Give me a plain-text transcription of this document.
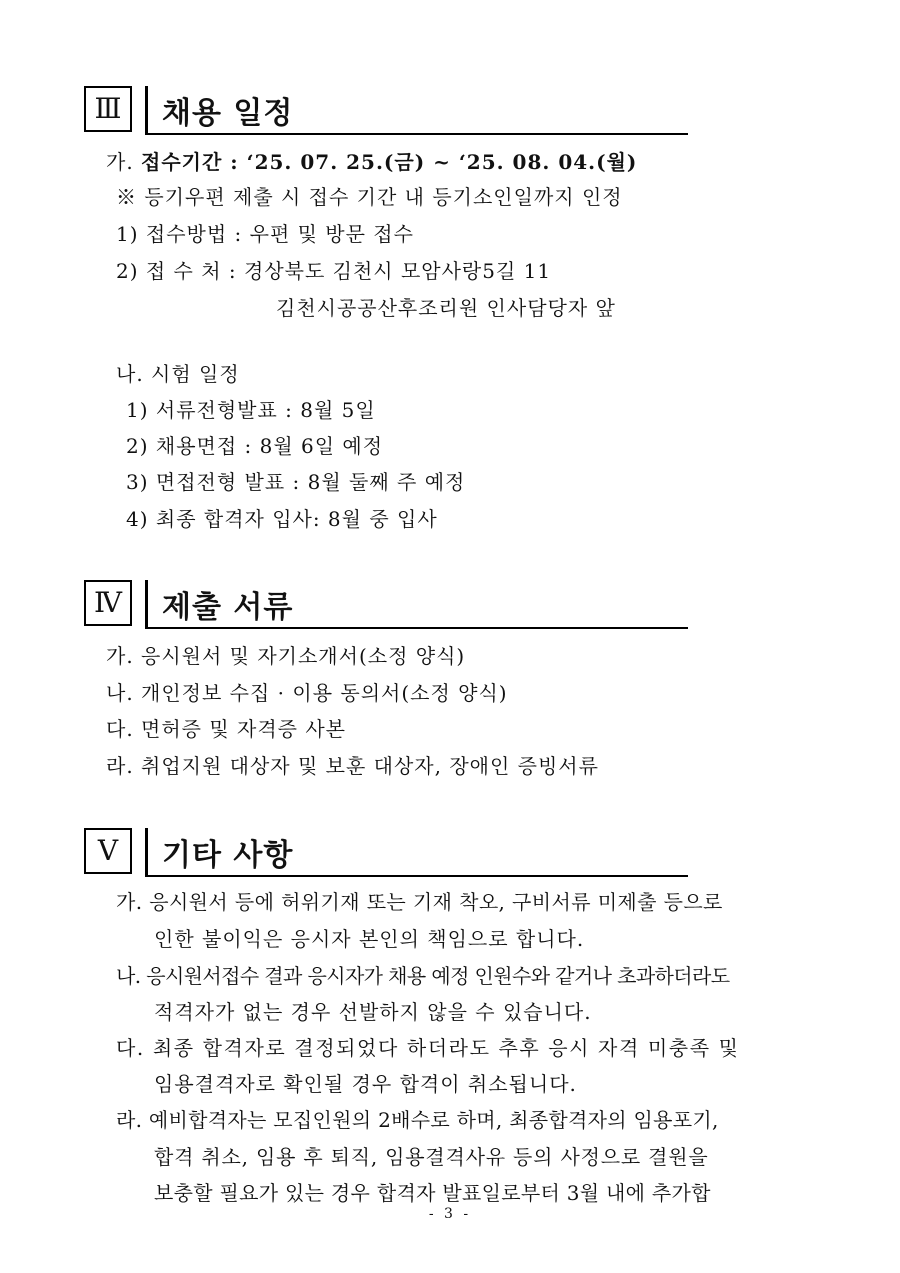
Ⅲ	채용 일정
가. 접수기간 : ‘25. 07. 25.(금) ~ ‘25. 08. 04.(월)
※ 등기우편 제출 시 접수 기간 내 등기소인일까지 인정
1) 접수방법 : 우편 및 방문 접수
2) 접 수 처 : 경상북도 김천시 모암사랑5길 11
김천시공공산후조리원 인사담당자 앞
나. 시험 일정
1) 서류전형발표 : 8월 5일
2) 채용면접 : 8월 6일 예정
3) 면접전형 발표 : 8월 둘째 주 예정
4) 최종 합격자 입사: 8월 중 입사
Ⅳ	제출 서류
가. 응시원서 및 자기소개서(소정 양식)
나. 개인정보 수집 · 이용 동의서(소정 양식)
다. 면허증 및 자격증 사본
라. 취업지원 대상자 및 보훈 대상자, 장애인 증빙서류
Ⅴ	기타 사항
가. 응시원서 등에 허위기재 또는 기재 착오, 구비서류 미제출 등으로
인한 불이익은 응시자 본인의 책임으로 합니다.
나. 응시원서접수 결과 응시자가 채용 예정 인원수와 같거나 초과하더라도
적격자가 없는 경우 선발하지 않을 수 있습니다.
다. 최종 합격자로 결정되었다 하더라도 추후 응시 자격 미충족 및
임용결격자로 확인될 경우 합격이 취소됩니다.
라. 예비합격자는 모집인원의 2배수로 하며, 최종합격자의 임용포기,
합격 취소, 임용 후 퇴직, 임용결격사유 등의 사정으로 결원을
보충할 필요가 있는 경우 합격자 발표일로부터 3월 내에 추가합
- 3 -
